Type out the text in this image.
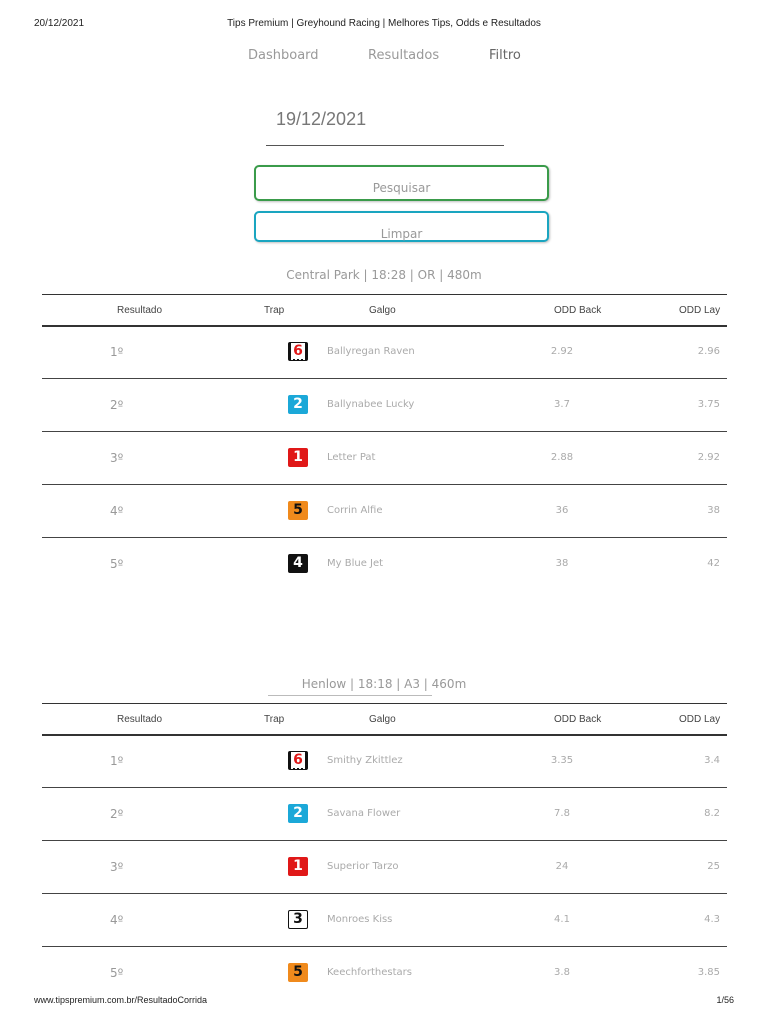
20/12/2021	Tips Premium | Greyhound Racing | Melhores Tips, Odds e Resultados
Dashboard	Resultados	Filtro
19/12/2021
Pesquisar
Limpar
Central Park | 18:28 | OR | 480m
Resultado	Trap	Galgo	ODD Back	ODD Lay
1º	6	Ballyregan Raven	2.92	2.96
2º	2	Ballynabee Lucky	3.7	3.75
3º	1	Letter Pat	2.88	2.92
4º	5	Corrin Alfie	36	38
5º	4	My Blue Jet	38	42
Henlow | 18:18 | A3 | 460m
Resultado	Trap	Galgo	ODD Back	ODD Lay
1º	6	Smithy Zkittlez	3.35	3.4
2º	2	Savana Flower	7.8	8.2
3º	1	Superior Tarzo	24	25
4º	3	Monroes Kiss	4.1	4.3
5º	5	Keechforthestars	3.8	3.85
www.tipspremium.com.br/ResultadoCorrida	1/56
